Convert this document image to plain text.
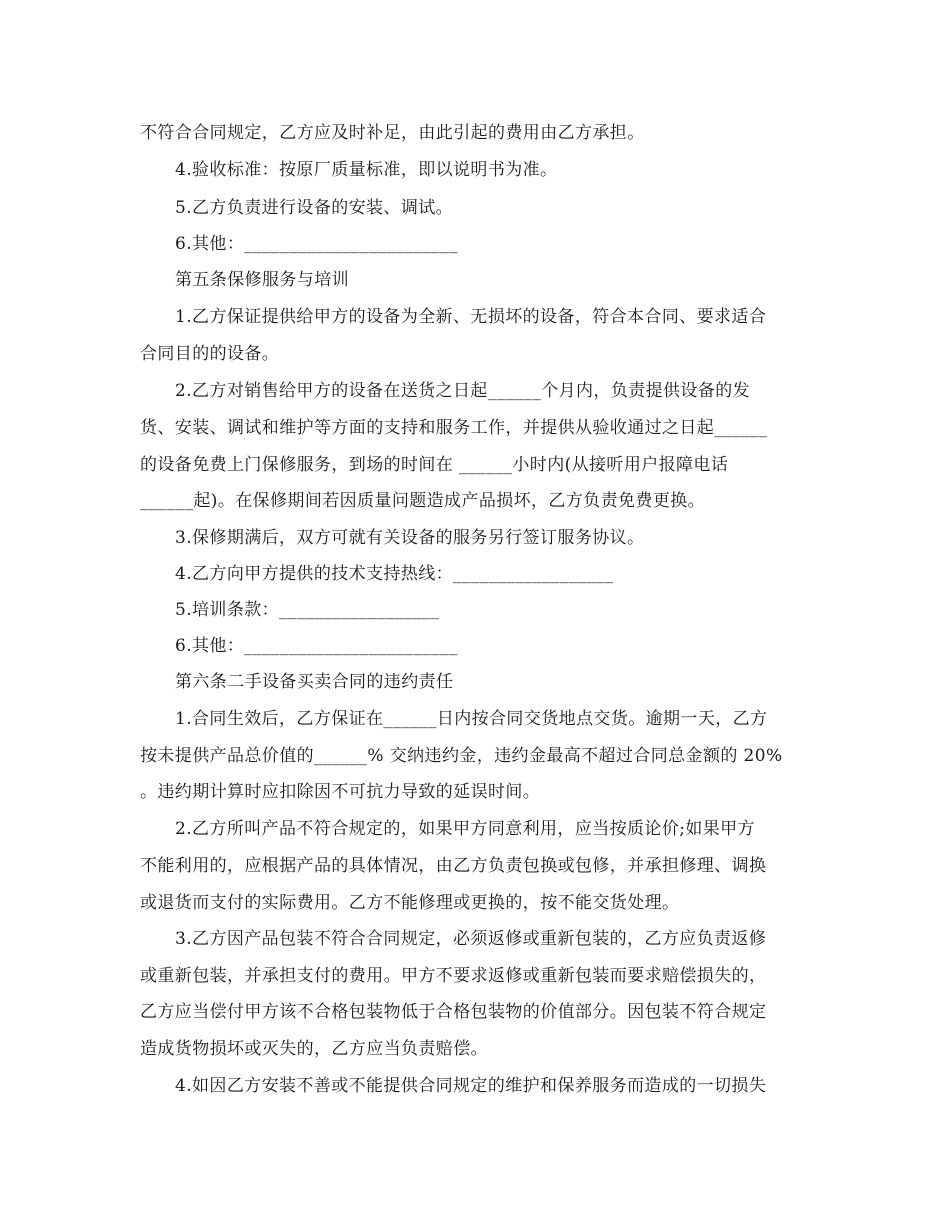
不符合合同规定，乙方应及时补足，由此引起的费用由乙方承担。
4.验收标准：按原厂质量标准，即以说明书为准。
5.乙方负责进行设备的安装、调试。
6.其他：________________________
第五条保修服务与培训
1.乙方保证提供给甲方的设备为全新、无损坏的设备，符合本合同、要求适合
合同目的的设备。
2.乙方对销售给甲方的设备在送货之日起______个月内，负责提供设备的发
货、安装、调试和维护等方面的支持和服务工作，并提供从验收通过之日起______
的设备免费上门保修服务，到场的时间在 ______小时内(从接听用户报障电话
______起)。在保修期间若因质量问题造成产品损坏，乙方负责免费更换。
3.保修期满后，双方可就有关设备的服务另行签订服务协议。
4.乙方向甲方提供的技术支持热线：__________________
5.培训条款：__________________
6.其他：________________________
第六条二手设备买卖合同的违约责任
1.合同生效后，乙方保证在______日内按合同交货地点交货。逾期一天，乙方
按未提供产品总价值的______% 交纳违约金，违约金最高不超过合同总金额的 20%
。违约期计算时应扣除因不可抗力导致的延误时间。
2.乙方所叫产品不符合规定的，如果甲方同意利用，应当按质论价;如果甲方
不能利用的，应根据产品的具体情况，由乙方负责包换或包修，并承担修理、调换
或退货而支付的实际费用。乙方不能修理或更换的，按不能交货处理。
3.乙方因产品包装不符合合同规定，必须返修或重新包装的，乙方应负责返修
或重新包装，并承担支付的费用。甲方不要求返修或重新包装而要求赔偿损失的，
乙方应当偿付甲方该不合格包装物低于合格包装物的价值部分。因包装不符合规定
造成货物损坏或灭失的，乙方应当负责赔偿。
4.如因乙方安装不善或不能提供合同规定的维护和保养服务而造成的一切损失
